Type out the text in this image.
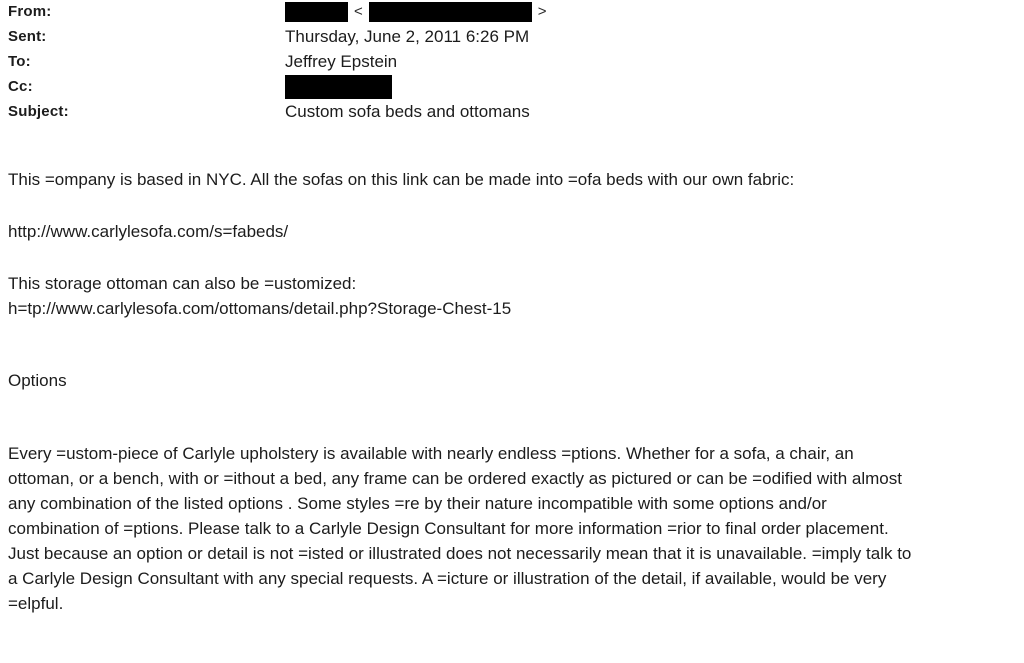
From:	<	>
Sent:	Thursday, June 2, 2011 6:26 PM
To:	Jeffrey Epstein
Cc:
Subject:	Custom sofa beds and ottomans
This =ompany is based in NYC. All the sofas on this link can be made into =ofa beds with our own fabric:
http://www.carlylesofa.com/s=fabeds/
This storage ottoman can also be =ustomized:
h=tp://www.carlylesofa.com/ottomans/detail.php?Storage-Chest-15
Options
Every =ustom-piece of Carlyle upholstery is available with nearly endless =ptions. Whether for a sofa, a chair, an
ottoman, or a bench, with or =ithout a bed, any frame can be ordered exactly as pictured or can be =odified with almost
any combination of the listed options . Some styles =re by their nature incompatible with some options and/or
combination of =ptions. Please talk to a Carlyle Design Consultant for more information =rior to final order placement.
Just because an option or detail is not =isted or illustrated does not necessarily mean that it is unavailable. =imply talk to
a Carlyle Design Consultant with any special requests. A =icture or illustration of the detail, if available, would be very
=elpful.
